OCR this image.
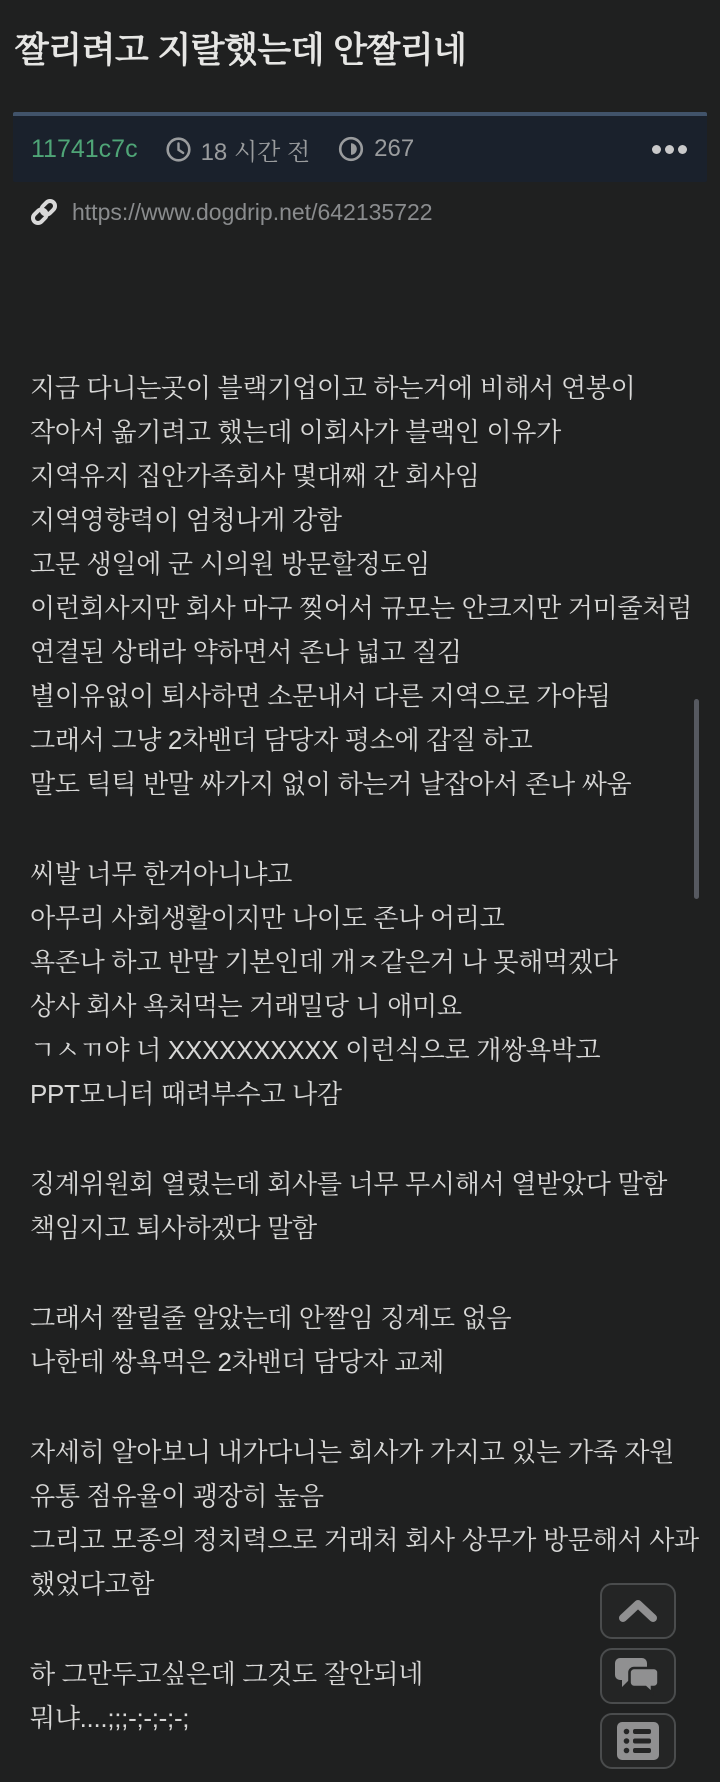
짤리려고 지랄했는데 안짤리네
11741c7c	18 시간 전	267
https://www.dogdrip.net/642135722
지금 다니는곳이 블랙기업이고 하는거에 비해서 연봉이
작아서 옮기려고 했는데 이회사가 블랙인 이유가
지역유지 집안가족회사 몇대째 간 회사임
지역영향력이 엄청나게 강함
고문 생일에 군 시의원 방문할정도임
이런회사지만 회사 마구 찢어서 규모는 안크지만 거미줄처럼
연결된 상태라 약하면서 존나 넓고 질김
별이유없이 퇴사하면 소문내서 다른 지역으로 가야됨
그래서 그냥 2차밴더 담당자 평소에 갑질 하고
말도 틱틱 반말 싸가지 없이 하는거 날잡아서 존나 싸움
씨발 너무 한거아니냐고
아무리 사회생활이지만 나이도 존나 어리고
욕존나 하고 반말 기본인데 개ㅈ같은거 나 못해먹겠다
상사 회사 욕처먹는 거래밀당 니 애미요
ㄱㅅㄲ야 너 XXXXXXXXXX 이런식으로 개쌍욕박고
PPT모니터 때려부수고 나감
징계위원회 열렸는데 회사를 너무 무시해서 열받았다 말함
책임지고 퇴사하겠다 말함
그래서 짤릴줄 알았는데 안짤임 징계도 없음
나한테 쌍욕먹은 2차밴더 담당자 교체
자세히 알아보니 내가다니는 회사가 가지고 있는 가죽 자원
유통 점유율이 괭장히 높음
그리고 모종의 정치력으로 거래처 회사 상무가 방문해서 사과
했었다고함
하 그만두고싶은데 그것도 잘안되네
뭐냐....;;;-;-;-;-;
